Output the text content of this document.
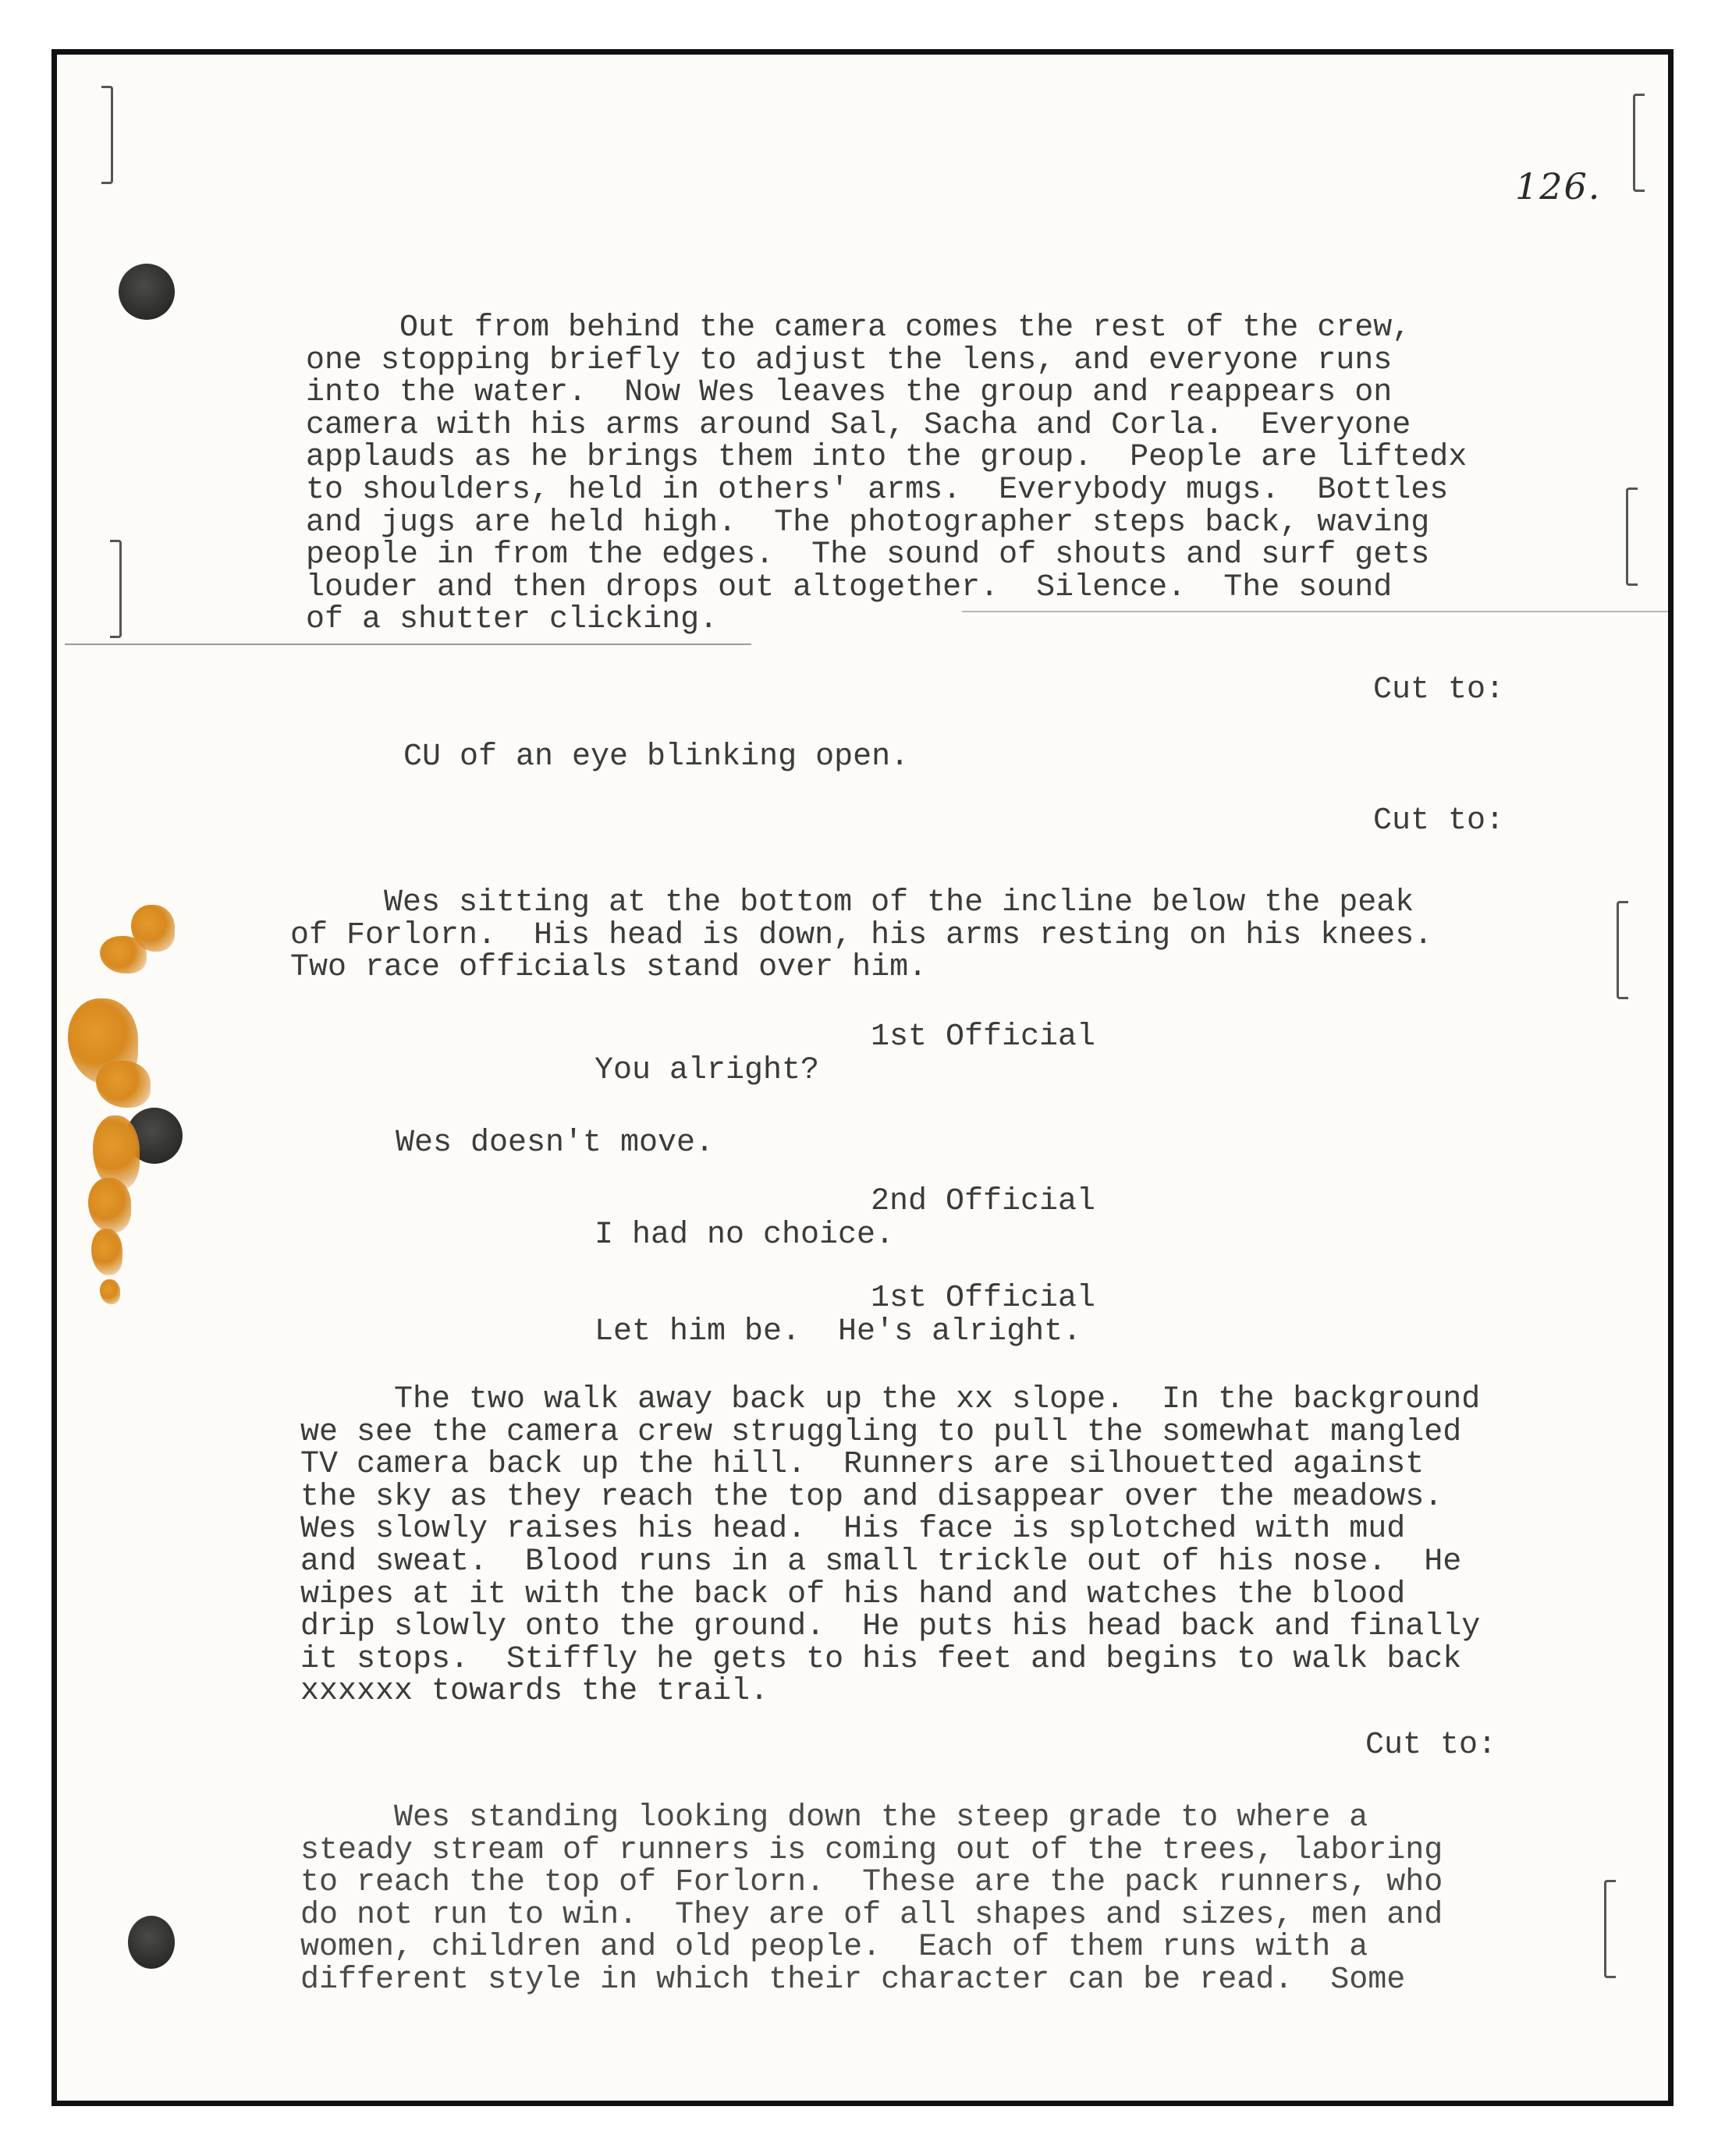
126.
Out from behind the camera comes the rest of the crew,
one stopping briefly to adjust the lens, and everyone runs
into the water.  Now Wes leaves the group and reappears on
camera with his arms around Sal, Sacha and Corla.  Everyone
applauds as he brings them into the group.  People are liftedx
to shoulders, held in others' arms.  Everybody mugs.  Bottles
and jugs are held high.  The photographer steps back, waving
people in from the edges.  The sound of shouts and surf gets
louder and then drops out altogether.  Silence.  The sound
of a shutter clicking.
Cut to:
CU of an eye blinking open.
Cut to:
Wes sitting at the bottom of the incline below the peak
of Forlorn.  His head is down, his arms resting on his knees.
Two race officials stand over him.
1st Official
You alright?
Wes doesn't move.
2nd Official
I had no choice.
1st Official
Let him be.  He's alright.
The two walk away back up the xx slope.  In the background
we see the camera crew struggling to pull the somewhat mangled
TV camera back up the hill.  Runners are silhouetted against
the sky as they reach the top and disappear over the meadows.
Wes slowly raises his head.  His face is splotched with mud
and sweat.  Blood runs in a small trickle out of his nose.  He
wipes at it with the back of his hand and watches the blood
drip slowly onto the ground.  He puts his head back and finally
it stops.  Stiffly he gets to his feet and begins to walk back
xxxxxx towards the trail.
Cut to:
Wes standing looking down the steep grade to where a
steady stream of runners is coming out of the trees, laboring
to reach the top of Forlorn.  These are the pack runners, who
do not run to win.  They are of all shapes and sizes, men and
women, children and old people.  Each of them runs with a
different style in which their character can be read.  Some
